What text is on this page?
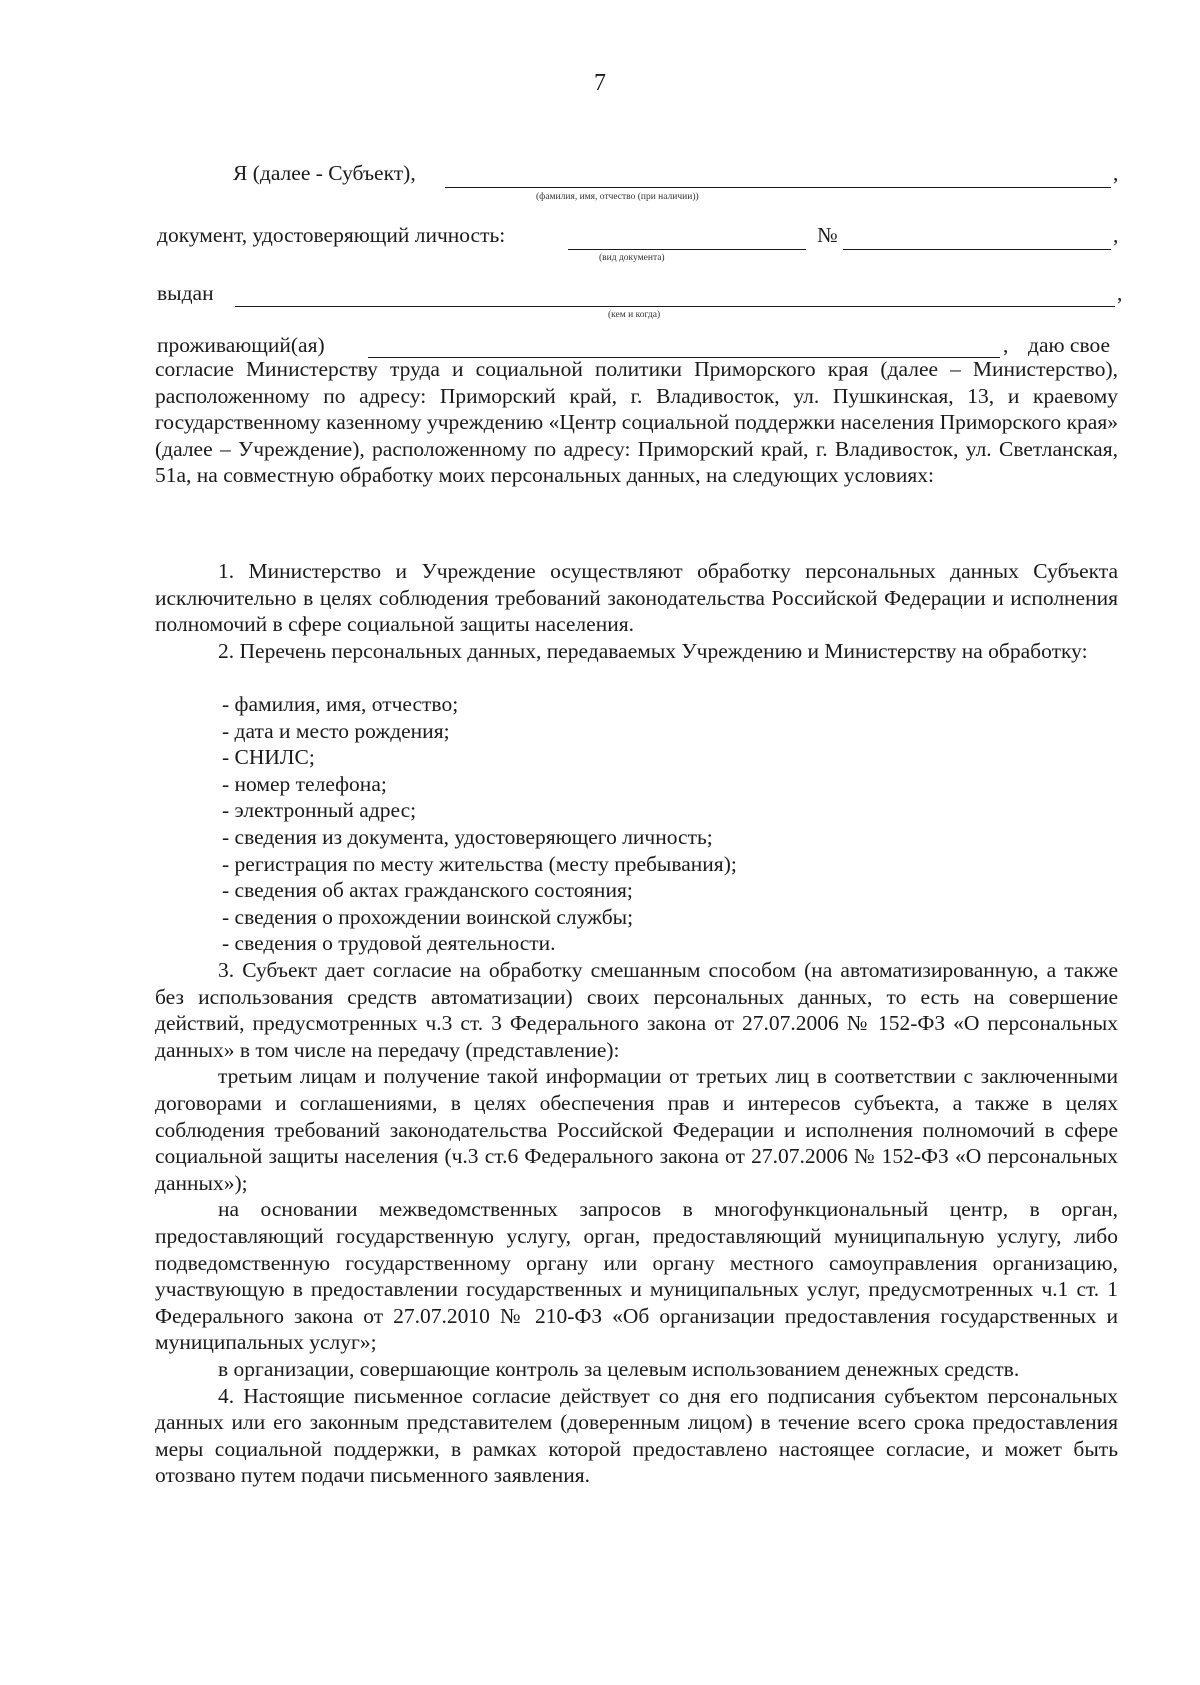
7
Я (далее - Субъект),	,
(фамилия, имя, отчество (при наличии))
документ, удостоверяющий личность:	№	,
(вид документа)
выдан	,
(кем и когда)
проживающий(ая)	, даю свое

согласие Министерству труда и социальной политики Приморского края (далее – Министерство), расположенному по адресу: Приморский край, г. Владивосток, ул. Пушкинская, 13, и краевому государственному казенному учреждению «Центр социальной поддержки населения Приморского края» (далее – Учреждение), расположенному по адресу: Приморский край, г. Владивосток, ул. Светланская, 51а, на совместную обработку моих персональных данных, на следующих условиях:

1. Министерство и Учреждение осуществляют обработку персональных данных Субъекта исключительно в целях соблюдения требований законодательства Российской Федерации и исполнения полномочий в сфере социальной защиты населения.

2. Перечень персональных данных, передаваемых Учреждению и Министерству на обработку:

- фамилия, имя, отчество;
- дата и место рождения;
- СНИЛС;
- номер телефона;
- электронный адрес;
- сведения из документа, удостоверяющего личность;
- регистрация по месту жительства (месту пребывания);
- сведения об актах гражданского состояния;
- сведения о прохождении воинской службы;
- сведения о трудовой деятельности.

3. Субъект дает согласие на обработку смешанным способом (на автоматизированную, а также без использования средств автоматизации) своих персональных данных, то есть на совершение действий, предусмотренных ч.3 ст. 3 Федерального закона от 27.07.2006 № 152-ФЗ «О персональных данных» в том числе на передачу (представление):

третьим лицам и получение такой информации от третьих лиц в соответствии с заключенными договорами и соглашениями, в целях обеспечения прав и интересов субъекта, а также в целях соблюдения требований законодательства Российской Федерации и исполнения полномочий в сфере социальной защиты населения (ч.3 ст.6 Федерального закона от 27.07.2006 № 152-ФЗ «О персональных данных»);

на основании межведомственных запросов в многофункциональный центр, в орган, предоставляющий государственную услугу, орган, предоставляющий муниципальную услугу, либо подведомственную государственному органу или органу местного самоуправления организацию, участвующую в предоставлении государственных и муниципальных услуг, предусмотренных ч.1 ст. 1 Федерального закона от 27.07.2010 № 210-ФЗ «Об организации предоставления государственных и муниципальных услуг»;

в организации, совершающие контроль за целевым использованием денежных средств.

4. Настоящие письменное согласие действует со дня его подписания субъектом персональных данных или его законным представителем (доверенным лицом) в течение всего срока предоставления меры социальной поддержки, в рамках которой предоставлено настоящее согласие, и может быть отозвано путем подачи письменного заявления.
